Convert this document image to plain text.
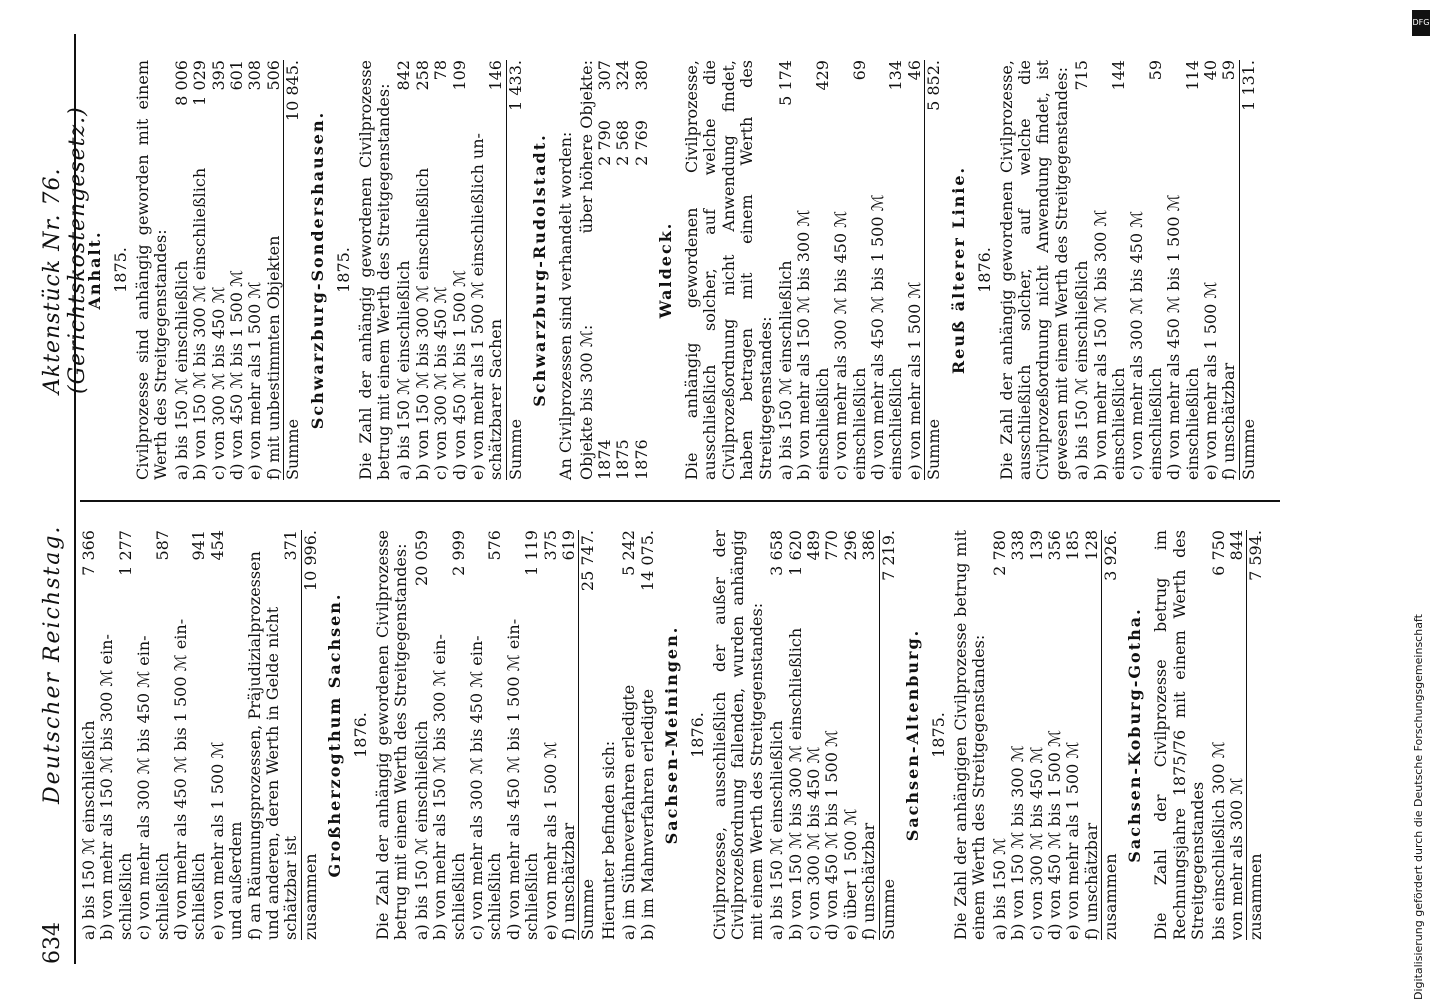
634
Deutscher Reichstag.
Aktenstück Nr. 76. (Gerichtskostengesetz.)
a) bis 150 ℳ einschließlich
7 366
b) von mehr als 150 ℳ bis 300 ℳ ein- schließlich
1 277
c) von mehr als 300 ℳ bis 450 ℳ ein- schließlich
587
d) von mehr als 450 ℳ bis 1 500 ℳ ein- schließlich
941
e) von mehr als 1 500 ℳ
454
und außerdem f) an Räumungsprozessen, Präjudizialprozessen und anderen, deren Werth in Gelde nicht schätzbar ist
371
zusammen
10 996.
Großherzogthum Sachsen. 1876. Die Zahl der anhängig gewordenen Civilprozesse betrug mit einem Werth des Streitgegenstandes: a) bis 150 ℳ einschließlich
20 059
b) von mehr als 150 ℳ bis 300 ℳ ein- schließlich
2 999
c) von mehr als 300 ℳ bis 450 ℳ ein- schließlich
576
d) von mehr als 450 ℳ bis 1 500 ℳ ein- schließlich
1 119
e) von mehr als 1 500 ℳ
375
f) unschätzbar
619
Summe
25 747.
Hierunter befinden sich: a) im Sühneverfahren erledigte
5 242
b) im Mahnverfahren erledigte
14 075.
Sachsen-Meiningen. 1876. Civilprozesse, ausschließlich der außer der Civilprozeßordnung fallenden, wurden anhängig mit einem Werth des Streitgegenstandes: a) bis 150 ℳ einschließlich
3 658
b) von 150 ℳ bis 300 ℳ einschließlich
1 620
c) von 300 ℳ bis 450 ℳ
489
d) von 450 ℳ bis 1 500 ℳ
770
e) über 1 500 ℳ
296
f) unschätzbar
386
Summe
7 219.
Sachsen-Altenburg. 1875. Die Zahl der anhängigen Civilprozesse betrug mit einem Werth des Streitgegenstandes: a) bis 150 ℳ
2 780
b) von 150 ℳ bis 300 ℳ
338
c) von 300 ℳ bis 450 ℳ
139
d) von 450 ℳ bis 1 500 ℳ
356
e) von mehr als 1 500 ℳ
185
f) unschätzbar
128
zusammen
3 926.
Sachsen-Koburg-Gotha. Die Zahl der Civilprozesse betrug im Rechnungsjahre 1875/76 mit einem Werth des Streitgegenstandes bis einschließlich 300 ℳ
6 750
von mehr als 300 ℳ
844
zusammen
7 594.
Anhalt. 1875. Civilprozesse sind anhängig geworden mit einem Werth des Streitgegenstandes: a) bis 150 ℳ einschließlich
8 006
b) von 150 ℳ bis 300 ℳ einschließlich
1 029
c) von 300 ℳ bis 450 ℳ
395
d) von 450 ℳ bis 1 500 ℳ
601
e) von mehr als 1 500 ℳ
308
f) mit unbestimmten Objekten
506
Summe
10 845.
Schwarzburg-Sondershausen. 1875. Die Zahl der anhängig gewordenen Civilprozesse betrug mit einem Werth des Streitgegenstandes: a) bis 150 ℳ einschließlich
842
b) von 150 ℳ bis 300 ℳ einschließlich
258
c) von 300 ℳ bis 450 ℳ
78
d) von 450 ℳ bis 1 500 ℳ
109
e) von mehr als 1 500 ℳ einschließlich un- schätzbarer Sachen
146
Summe
1 433.
Schwarzburg-Rudolstadt. An Civilprozessen sind verhandelt worden: Objekte bis 300 ℳ:
über höhere Objekte:
1874
2 790
307
1875
2 568
324
1876
2 769
380
Waldeck. Die anhängig gewordenen Civilprozesse, ausschließlich solcher, auf welche die Civilprozeßordnung nicht Anwendung findet, haben betragen mit einem Werth des Streitgegenstandes: a) bis 150 ℳ einschließlich
5 174
b) von mehr als 150 ℳ bis 300 ℳ einschließlich
429
c) von mehr als 300 ℳ bis 450 ℳ einschließlich
69
d) von mehr als 450 ℳ bis 1 500 ℳ einschließlich
134
e) von mehr als 1 500 ℳ
46
Summe
5 852.
Reuß älterer Linie. 1876. Die Zahl der anhängig gewordenen Civilprozesse, ausschließlich solcher, auf welche die Civilprozeßordnung nicht Anwendung findet, ist gewesen mit einem Werth des Streitgegenstandes: a) bis 150 ℳ einschließlich
715
b) von mehr als 150 ℳ bis 300 ℳ einschließlich
144
c) von mehr als 300 ℳ bis 450 ℳ einschließlich
59
d) von mehr als 450 ℳ bis 1 500 ℳ einschließlich
114
e) von mehr als 1 500 ℳ
40
f) unschätzbar
59
Summe
1 131.
DFG
Digitalisierung gefördert durch die Deutsche Forschungsgemeinschaft
